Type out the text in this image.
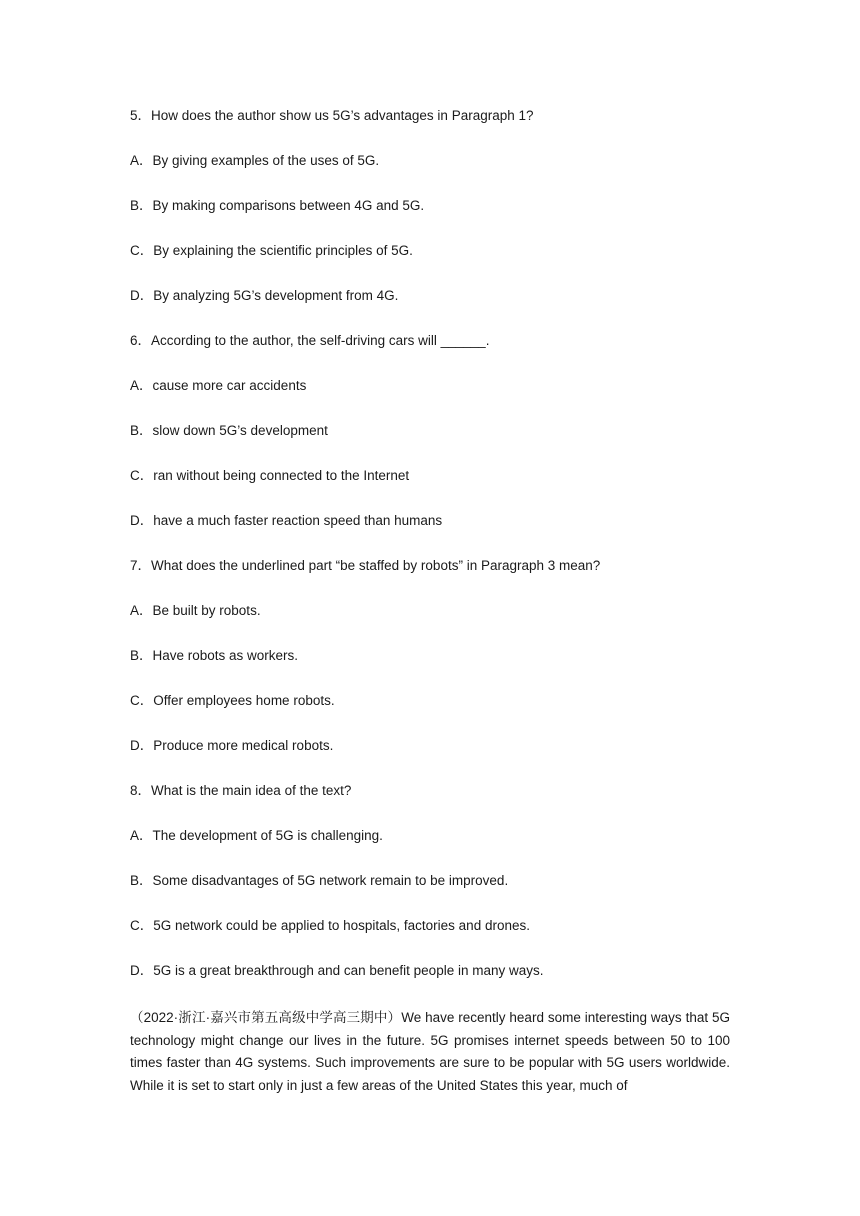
5．How does the author show us 5G’s advantages in Paragraph 1?

A．By giving examples of the uses of 5G.

B．By making comparisons between 4G and 5G.

C．By explaining the scientific principles of 5G.

D．By analyzing 5G’s development from 4G.

6．According to the author, the self-driving cars will ______.

A．cause more car accidents

B．slow down 5G’s development

C．ran without being connected to the Internet

D．have a much faster reaction speed than humans

7．What does the underlined part “be staffed by robots” in Paragraph 3 mean?

A．Be built by robots.

B．Have robots as workers.

C．Offer employees home robots.

D．Produce more medical robots.

8．What is the main idea of the text?

A．The development of 5G is challenging.

B．Some disadvantages of 5G network remain to be improved.

C．5G network could be applied to hospitals, factories and drones.

D．5G is a great breakthrough and can benefit people in many ways.

（2022·浙江·嘉兴市第五高级中学高三期中）We have recently heard some interesting ways that 5G technology might change our lives in the future. 5G promises internet speeds between 50 to 100 times faster than 4G systems. Such improvements are sure to be popular with 5G users worldwide. While it is set to start only in just a few areas of the United States this year, much of
